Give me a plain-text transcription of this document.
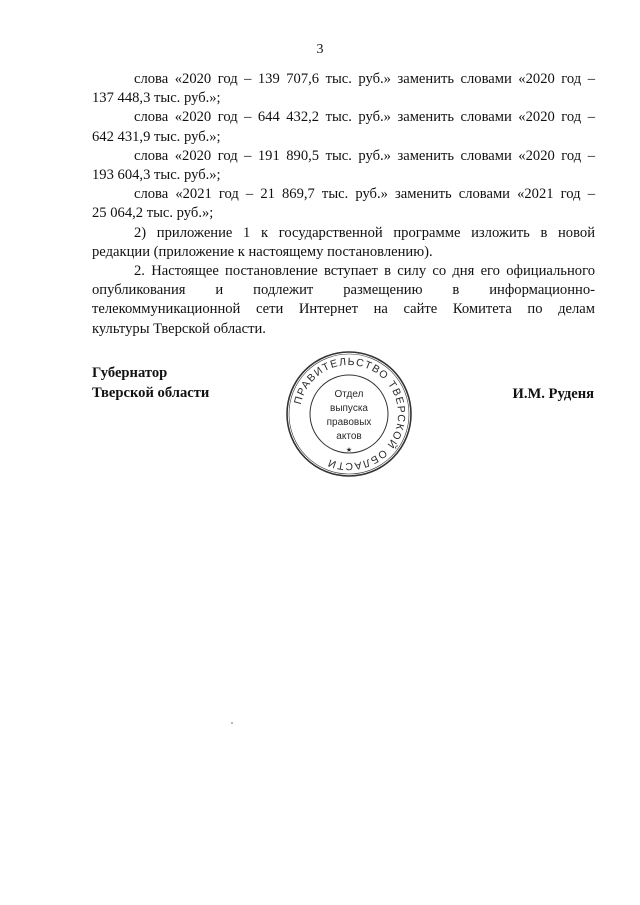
3

слова «2020 год – 139 707,6 тыс. руб.» заменить словами «2020 год –

137 448,3 тыс. руб.»;

слова «2020 год – 644 432,2 тыс. руб.» заменить словами «2020 год –

642 431,9 тыс. руб.»;

слова «2020 год – 191 890,5 тыс. руб.» заменить словами «2020 год –

193 604,3 тыс. руб.»;

слова «2021 год – 21 869,7 тыс. руб.» заменить словами «2021 год –

25 064,2 тыс. руб.»;

2) приложение 1 к государственной программе изложить в новой

редакции (приложение к настоящему постановлению).

2. Настоящее постановление вступает в силу со дня его официального

опубликования и подлежит размещению в информационно-

телекоммуникационной сети Интернет на сайте Комитета по делам

культуры Тверской области.

Губернатор
Тверской области	И.М. Руденя
ПРАВИТЕЛЬСТВО ТВЕРСКОЙ ОБЛАСТИ
★
Отдел
выпуска
правовых
актов
